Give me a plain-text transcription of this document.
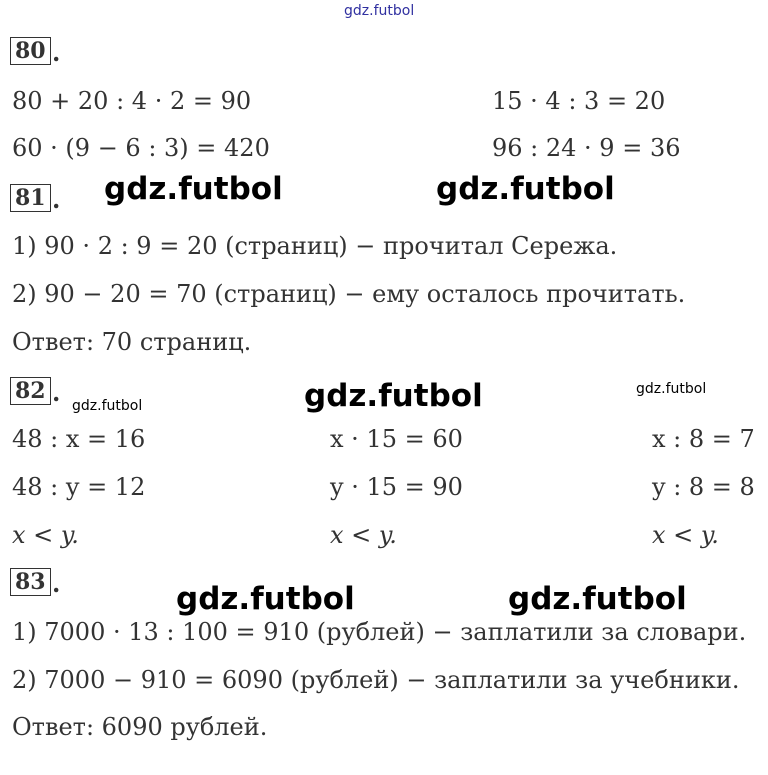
gdz.futbol
80 .
80 + 20 : 4 · 2 = 90	15 · 4 : 3 = 20
60 · (9 − 6 : 3) = 420	96 : 24 · 9 = 36
81 . gdz.futbol	gdz.futbol
1) 90 · 2 : 9 = 20 (страниц) − прочитал Сережа.
2) 90 − 20 = 70 (страниц) − ему осталось прочитать.
Ответ: 70 страниц.
82 . gdz.futbol	gdz.futbol	gdz.futbol
48 : x = 16	x · 15 = 60	x : 8 = 7
48 : y = 12	y · 15 = 90	y : 8 = 8
x < y.	x < y.	x < y.
83 .	gdz.futbol	gdz.futbol
1) 7000 · 13 : 100 = 910 (рублей) − заплатили за словари.
2) 7000 − 910 = 6090 (рублей) − заплатили за учебники.
Ответ: 6090 рублей.
